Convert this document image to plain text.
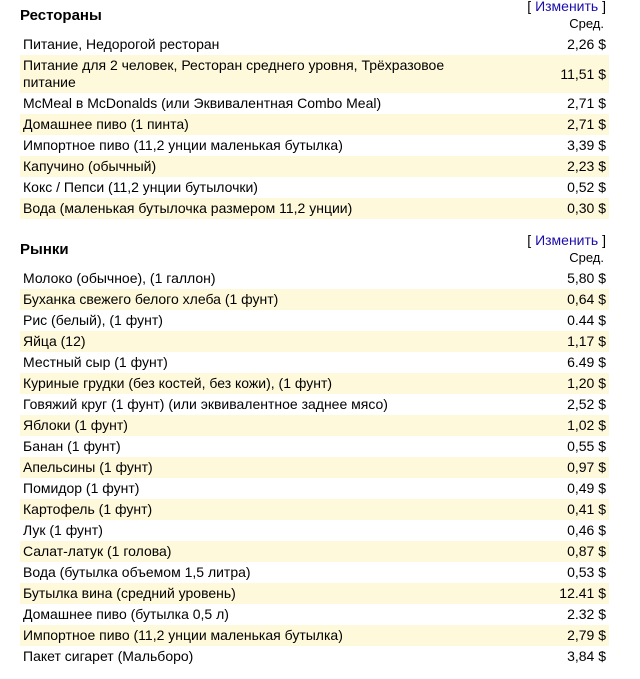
Рестораны
[ Изменить ]
Сред.
Питание, Недорогой ресторан	2,26 $
Питание для 2 человек, Ресторан среднего уровня, Трёхразовое питание	11,51 $
McMeal в McDonalds (или Эквивалентная Combo Meal)	2,71 $
Домашнее пиво (1 пинта)	2,71 $
Импортное пиво (11,2 унции маленькая бутылка)	3,39 $
Капучино (обычный)	2,23 $
Кокс / Пепси (11,2 унции бутылочки)	0,52 $
Вода (маленькая бутылочка размером 11,2 унции)	0,30 $
[ Изменить ]
Рынки	Сред.
Молоко (обычное), (1 галлон)	5,80 $
Буханка свежего белого хлеба (1 фунт)	0,64 $
Рис (белый), (1 фунт)	0.44 $
Яйца (12)	1,17 $
Местный сыр (1 фунт)	6.49 $
Куриные грудки (без костей, без кожи), (1 фунт)	1,20 $
Говяжий круг (1 фунт) (или эквивалентное заднее мясо)	2,52 $
Яблоки (1 фунт)	1,02 $
Банан (1 фунт)	0,55 $
Апельсины (1 фунт)	0,97 $
Помидор (1 фунт)	0,49 $
Картофель (1 фунт)	0,41 $
Лук (1 фунт)	0,46 $
Салат-латук (1 голова)	0,87 $
Вода (бутылка объемом 1,5 литра)	0,53 $
Бутылка вина (средний уровень)	12.41 $
Домашнее пиво (бутылка 0,5 л)	2.32 $
Импортное пиво (11,2 унции маленькая бутылка)	2,79 $
Пакет сигарет (Мальборо)	3,84 $
